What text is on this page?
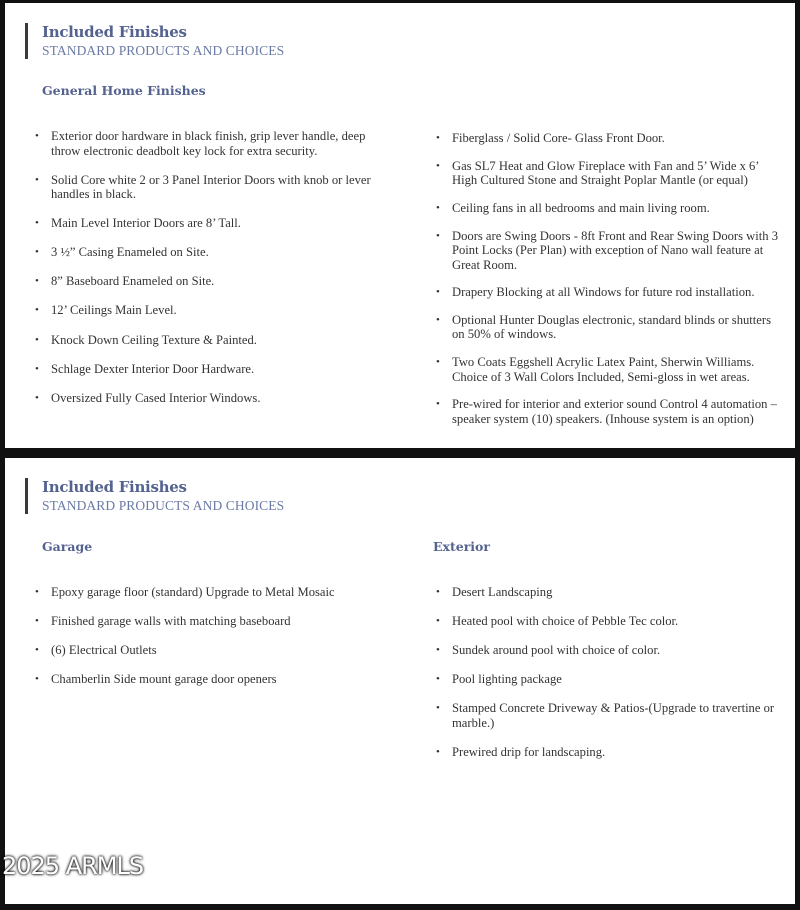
Included Finishes
STANDARD PRODUCTS AND CHOICES
General Home Finishes
• Exterior door hardware in black finish, grip lever handle, deep throw electronic deadbolt key lock for extra security.
• Solid Core white 2 or 3 Panel Interior Doors with knob or lever handles in black.
• Main Level Interior Doors are 8’ Tall.
• 3 ½” Casing Enameled on Site.
• 8” Baseboard Enameled on Site.
• 12’ Ceilings Main Level.
• Knock Down Ceiling Texture & Painted.
• Schlage Dexter Interior Door Hardware.
• Oversized Fully Cased Interior Windows.
• Fiberglass / Solid Core- Glass Front Door.
• Gas SL7 Heat and Glow Fireplace with Fan and 5’ Wide x 6’ High Cultured Stone and Straight Poplar Mantle (or equal)
• Ceiling fans in all bedrooms and main living room.
• Doors are Swing Doors - 8ft Front and Rear Swing Doors with 3 Point Locks (Per Plan) with exception of Nano wall feature at Great Room.
• Drapery Blocking at all Windows for future rod installation.
• Optional Hunter Douglas electronic, standard blinds or shutters on 50% of windows.
• Two Coats Eggshell Acrylic Latex Paint, Sherwin Williams. Choice of 3 Wall Colors Included, Semi-gloss in wet areas.
• Pre-wired for interior and exterior sound Control 4 automation – speaker system (10) speakers. (Inhouse system is an option)
Included Finishes
STANDARD PRODUCTS AND CHOICES
Garage	Exterior
• Epoxy garage floor (standard) Upgrade to Metal Mosaic
• Finished garage walls with matching baseboard
• (6) Electrical Outlets
• Chamberlin Side mount garage door openers
• Desert Landscaping
• Heated pool with choice of Pebble Tec color.
• Sundek around pool with choice of color.
• Pool lighting package
• Stamped Concrete Driveway & Patios-(Upgrade to travertine or marble.)
• Prewired drip for landscaping.
2025 ARMLS
